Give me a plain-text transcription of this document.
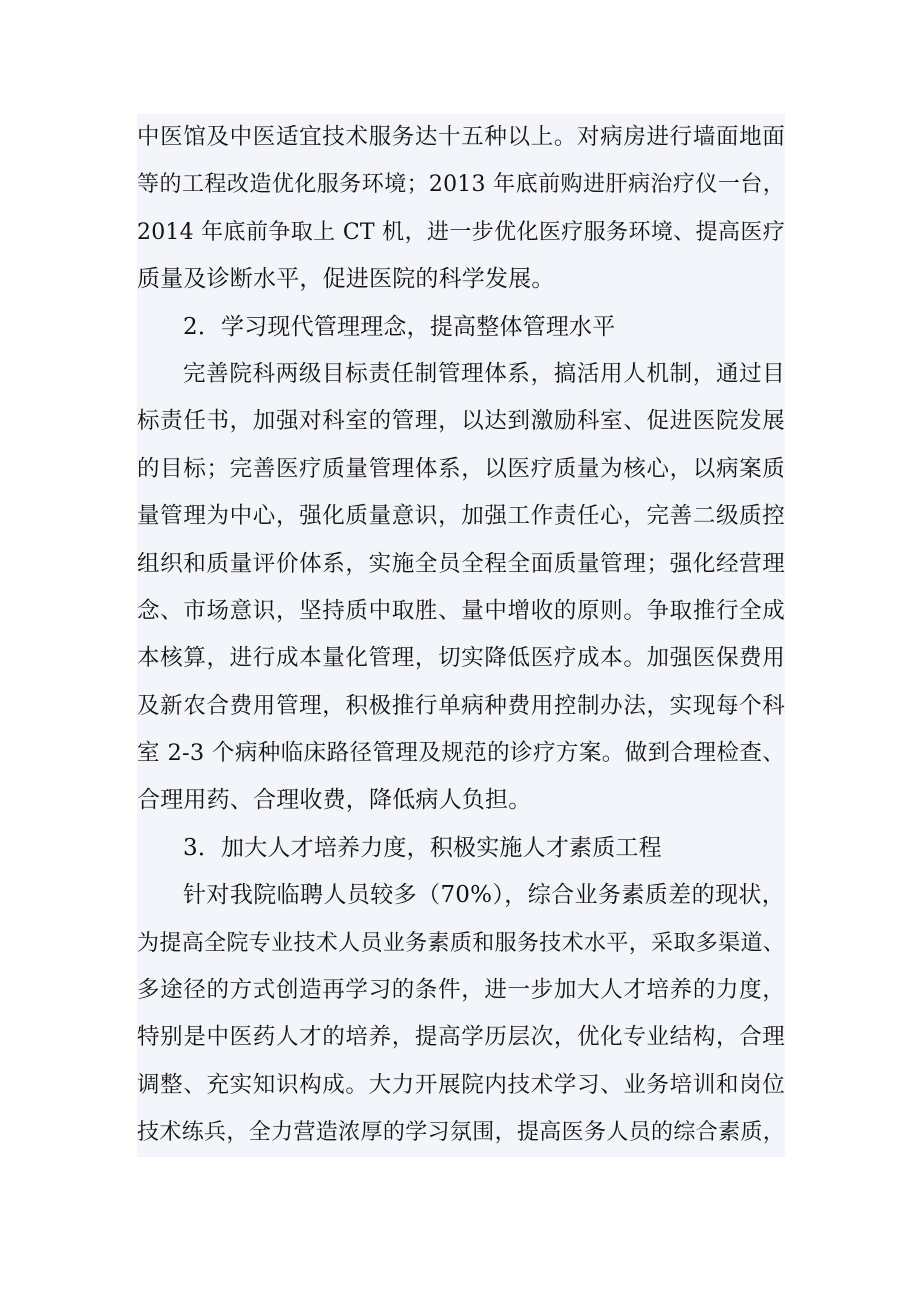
中医馆及中医适宜技术服务达十五种以上。对病房进行墙面地面
等的工程改造优化服务环境；2013 年底前购进肝病治疗仪一台，
2014 年底前争取上 CT 机，进一步优化医疗服务环境、提高医疗
质量及诊断水平，促进医院的科学发展。
2．学习现代管理理念，提高整体管理水平
完善院科两级目标责任制管理体系，搞活用人机制，通过目
标责任书，加强对科室的管理，以达到激励科室、促进医院发展
的目标；完善医疗质量管理体系，以医疗质量为核心，以病案质
量管理为中心，强化质量意识，加强工作责任心，完善二级质控
组织和质量评价体系，实施全员全程全面质量管理；强化经营理
念、市场意识，坚持质中取胜、量中增收的原则。争取推行全成
本核算，进行成本量化管理，切实降低医疗成本。加强医保费用
及新农合费用管理，积极推行单病种费用控制办法，实现每个科
室 2-3 个病种临床路径管理及规范的诊疗方案。做到合理检查、
合理用药、合理收费，降低病人负担。
3．加大人才培养力度，积极实施人才素质工程
针对我院临聘人员较多（70%），综合业务素质差的现状，
为提高全院专业技术人员业务素质和服务技术水平，采取多渠道、
多途径的方式创造再学习的条件，进一步加大人才培养的力度，
特别是中医药人才的培养，提高学历层次，优化专业结构，合理
调整、充实知识构成。大力开展院内技术学习、业务培训和岗位
技术练兵，全力营造浓厚的学习氛围，提高医务人员的综合素质，
